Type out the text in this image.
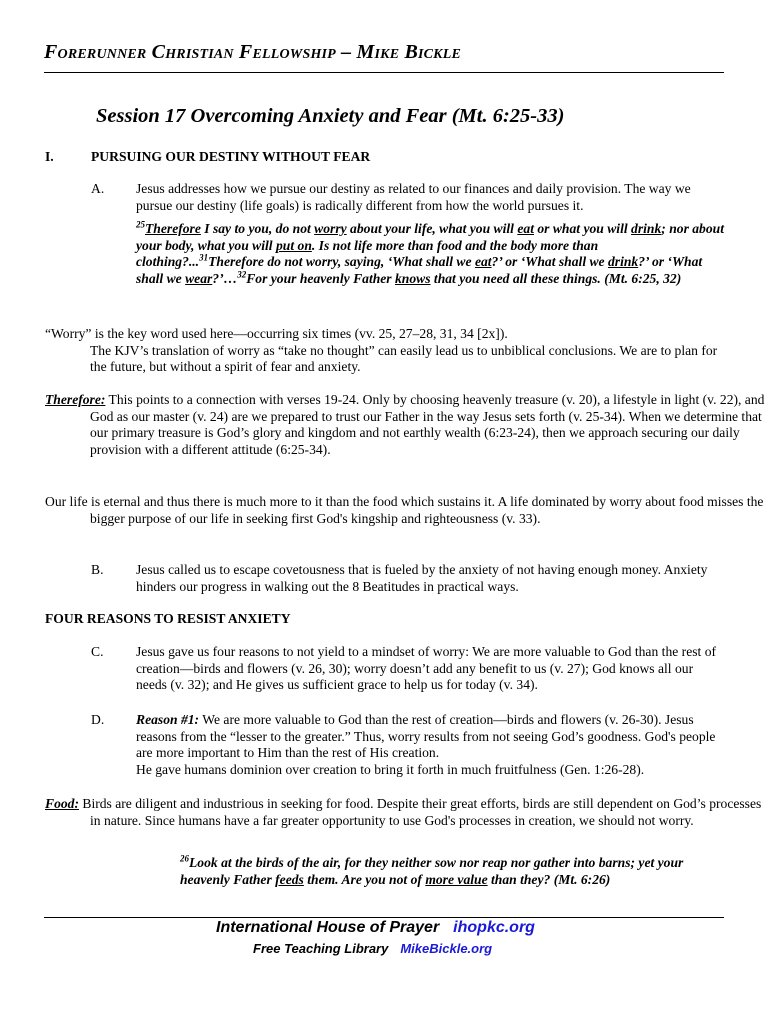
Forerunner Christian Fellowship – Mike Bickle
Session 17 Overcoming Anxiety and Fear (Mt. 6:25-33)
I.	PURSUING OUR DESTINY WITHOUT FEAR
A. Jesus addresses how we pursue our destiny as related to our finances and daily provision. The way we pursue our destiny (life goals) is radically different from how the world pursues it.
$^{25}$Therefore I say to you, do not worry about your life, what you will eat or what you will drink; nor about your body, what you will put on. Is not life more than food and the body more than clothing?...$^{31}$Therefore do not worry, saying, ‘What shall we eat?’ or ‘What shall we drink?’ or ‘What shall we wear?’…$^{32}$For your heavenly Father knows that you need all these things. (Mt. 6:25, 32)
“Worry” is the key word used here—occurring six times (vv. 25, 27–28, 31, 34 [2x]).
The KJV’s translation of worry as “take no thought” can easily lead us to unbiblical conclusions. We are to plan for the future, but without a spirit of fear and anxiety.
Therefore: This points to a connection with verses 19-24. Only by choosing heavenly treasure (v. 20), a lifestyle in light (v. 22), and God as our master (v. 24) are we prepared to trust our Father in the way Jesus sets forth (v. 25-34). When we determine that our primary treasure is God’s glory and kingdom and not earthly wealth (6:23-24), then we approach securing our daily provision with a different attitude (6:25-34).
Our life is eternal and thus there is much more to it than the food which sustains it. A life dominated by worry about food misses the bigger purpose of our life in seeking first God's kingship and righteousness (v. 33).
B. Jesus called us to escape covetousness that is fueled by the anxiety of not having enough money. Anxiety hinders our progress in walking out the 8 Beatitudes in practical ways.
FOUR REASONS TO RESIST ANXIETY
C. Jesus gave us four reasons to not yield to a mindset of worry: We are more valuable to God than the rest of creation—birds and flowers (v. 26, 30); worry doesn’t add any benefit to us (v. 27); God knows all our needs (v. 32); and He gives us sufficient grace to help us for today (v. 34).
D. Reason #1: We are more valuable to God than the rest of creation—birds and flowers (v. 26-30). Jesus reasons from the “lesser to the greater.” Thus, worry results from not seeing God’s goodness. God's people are more important to Him than the rest of His creation.
He gave humans dominion over creation to bring it forth in much fruitfulness (Gen. 1:26-28).
Food: Birds are diligent and industrious in seeking for food. Despite their great efforts, birds are still dependent on God’s processes in nature. Since humans have a far greater opportunity to use God's processes in creation, we should not worry.
$^{26}$Look at the birds of the air, for they neither sow nor reap nor gather into barns; yet your heavenly Father feeds them. Are you not of more value than they? (Mt. 6:26)
International House of Prayer ihopkc.org
Free Teaching Library MikeBickle.org
